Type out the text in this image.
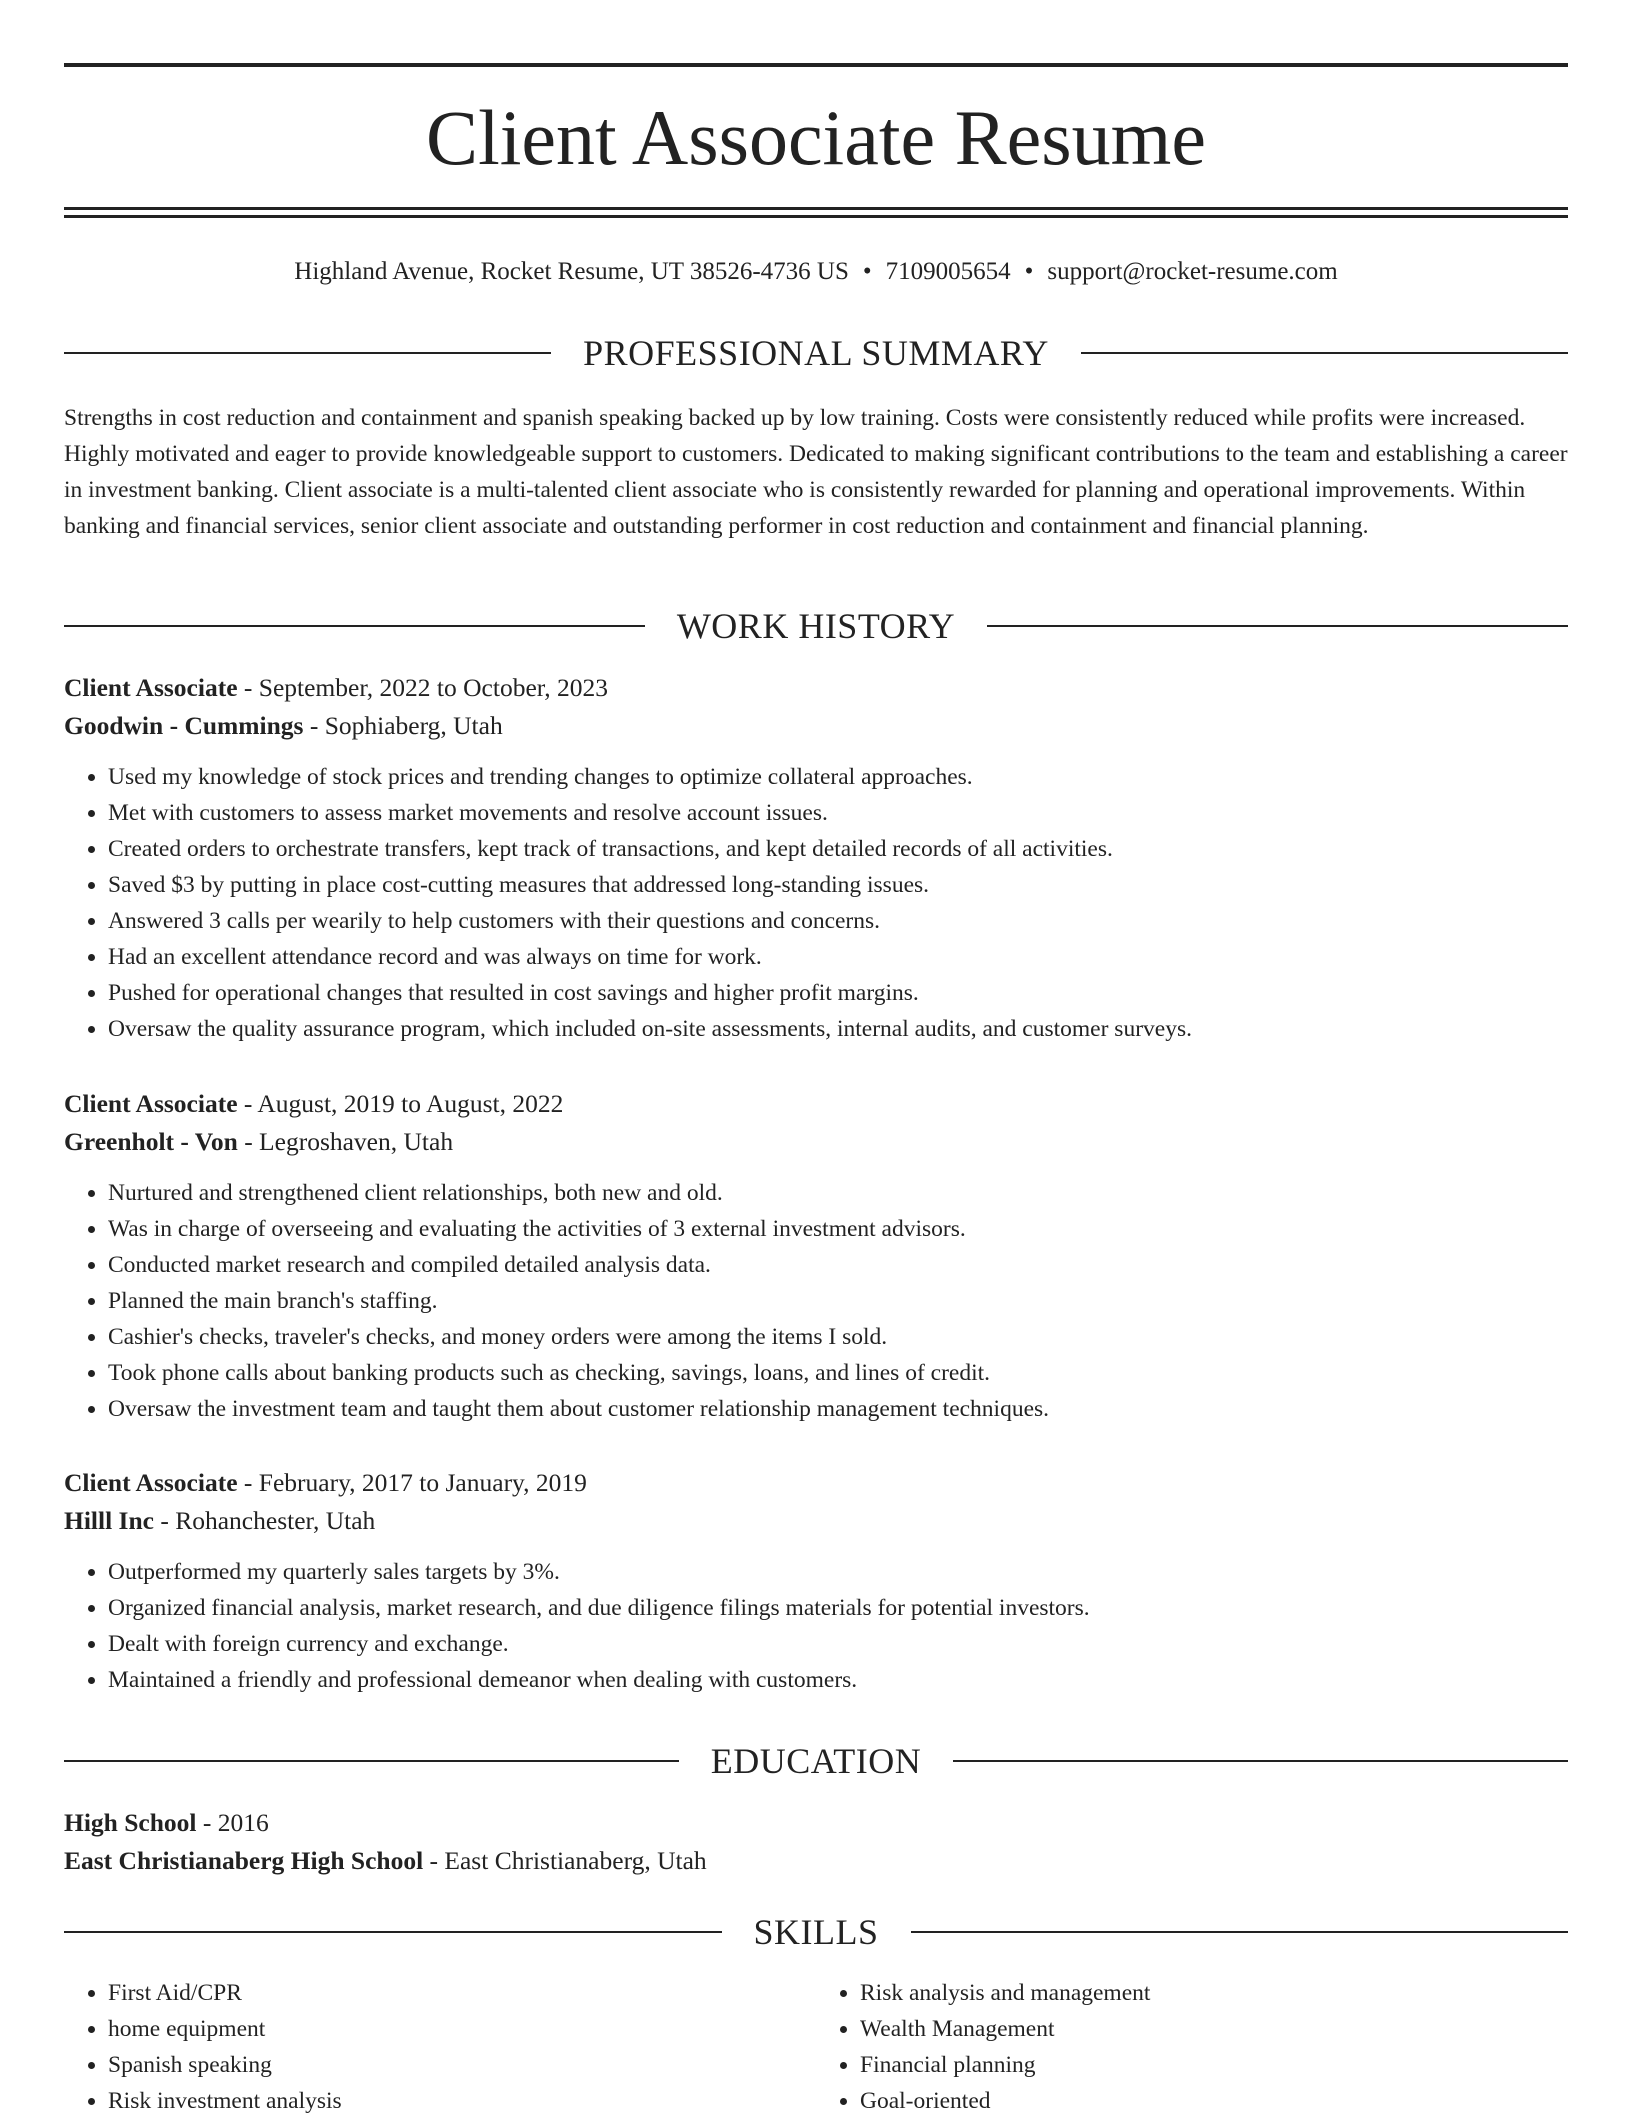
Client Associate Resume
Highland Avenue, Rocket Resume, UT 38526-4736 US • 7109005654 • support@rocket-resume.com
PROFESSIONAL SUMMARY

Strengths in cost reduction and containment and spanish speaking backed up by low training. Costs were consistently reduced while profits were increased. Highly motivated and eager to provide knowledgeable support to customers. Dedicated to making significant contributions to the team and establishing a career in investment banking. Client associate is a multi-talented client associate who is consistently rewarded for planning and operational improvements. Within banking and financial services, senior client associate and outstanding performer in cost reduction and containment and financial planning.

WORK HISTORY
Client Associate - September, 2022 to October, 2023
Goodwin - Cummings - Sophiaberg, Utah
• Used my knowledge of stock prices and trending changes to optimize collateral approaches.
• Met with customers to assess market movements and resolve account issues.
• Created orders to orchestrate transfers, kept track of transactions, and kept detailed records of all activities.
• Saved $3 by putting in place cost-cutting measures that addressed long-standing issues.
• Answered 3 calls per wearily to help customers with their questions and concerns.
• Had an excellent attendance record and was always on time for work.
• Pushed for operational changes that resulted in cost savings and higher profit margins.
• Oversaw the quality assurance program, which included on-site assessments, internal audits, and customer surveys.
Client Associate - August, 2019 to August, 2022
Greenholt - Von - Legroshaven, Utah
• Nurtured and strengthened client relationships, both new and old.
• Was in charge of overseeing and evaluating the activities of 3 external investment advisors.
• Conducted market research and compiled detailed analysis data.
• Planned the main branch's staffing.
• Cashier's checks, traveler's checks, and money orders were among the items I sold.
• Took phone calls about banking products such as checking, savings, loans, and lines of credit.
• Oversaw the investment team and taught them about customer relationship management techniques.
Client Associate - February, 2017 to January, 2019
Hilll Inc - Rohanchester, Utah
• Outperformed my quarterly sales targets by 3%.
• Organized financial analysis, market research, and due diligence filings materials for potential investors.
• Dealt with foreign currency and exchange.
• Maintained a friendly and professional demeanor when dealing with customers.
EDUCATION
High School - 2016
East Christianaberg High School - East Christianaberg, Utah
SKILLS
• First Aid/CPR
• home equipment
• Spanish speaking
• Risk investment analysis
• Risk analysis and management
• Wealth Management
• Financial planning
• Goal-oriented
